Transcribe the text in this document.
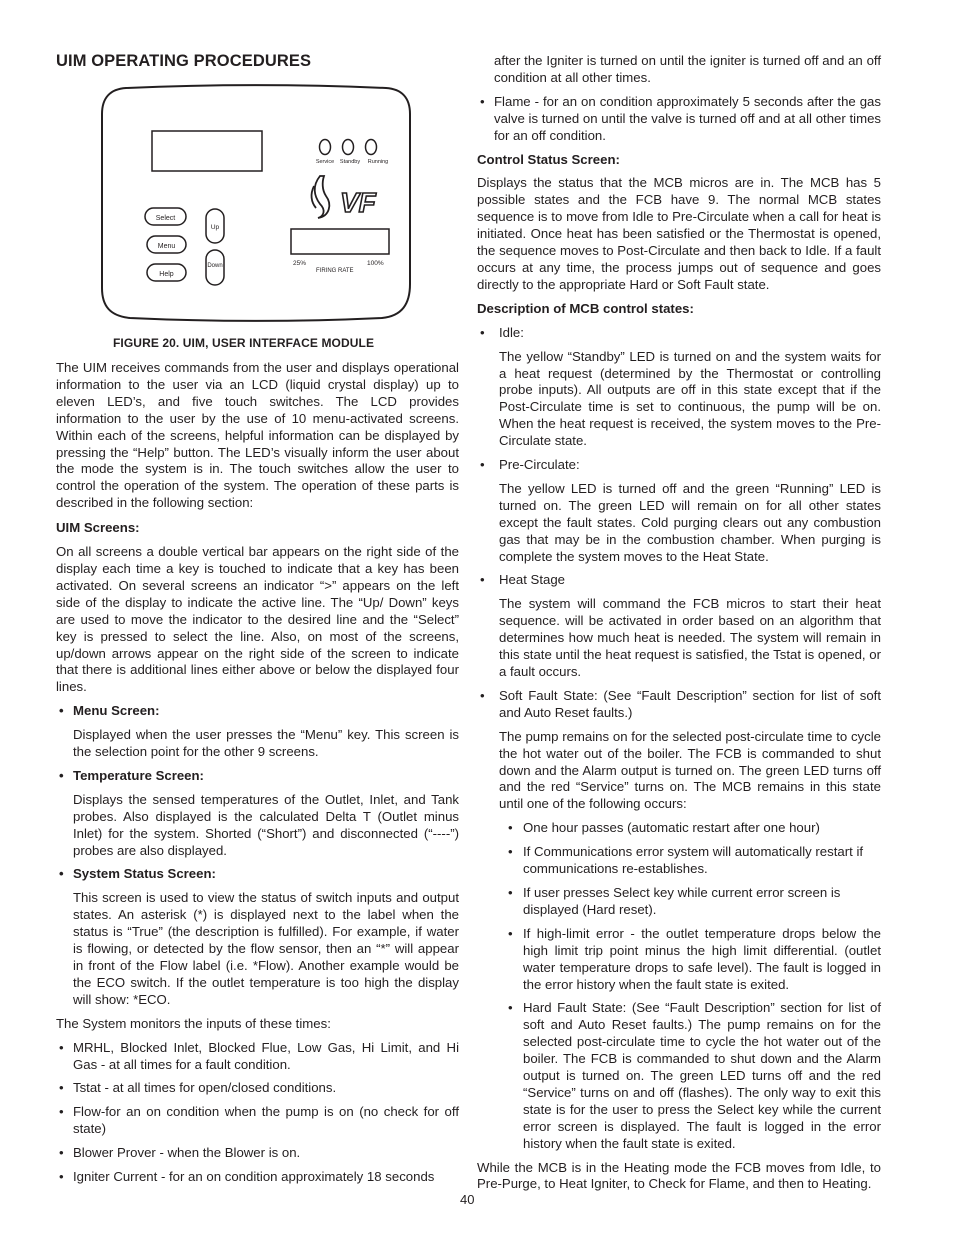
UIM OPERATING PROCEDURES
Service Standby Running
VF
25%	100%
FIRING RATE
Select
Menu
Help
Up
Down
FIGURE 20. UIM, USER INTERFACE MODULE

The UIM receives commands from the user and displays operational information to the user via an LCD (liquid crystal display) up to eleven LED’s, and five touch switches. The LCD provides information to the user by the use of 10 menu-activated screens. Within each of the screens, helpful information can be displayed by pressing the “Help” button. The LED’s visually inform the user about the mode the system is in. The touch switches allow the user to control the operation of the system. The operation of these parts is described in the following section:

UIM Screens:

On all screens a double vertical bar appears on the right side of the display each time a key is touched to indicate that a key has been activated. On several screens an indicator “>” appears on the left side of the display to indicate the active line. The “Up/ Down” keys are used to move the indicator to the desired line and the “Select” key is pressed to select the line. Also, on most of the screens, up/down arrows appear on the right side of the screen to indicate that there is additional lines either above or below the displayed four lines.

• Menu Screen:

Displayed when the user presses the “Menu” key. This screen is the selection point for the other 9 screens.

• Temperature Screen:

Displays the sensed temperatures of the Outlet, Inlet, and Tank probes. Also displayed is the calculated Delta T (Outlet minus Inlet) for the system. Shorted (“Short”) and disconnected (“----”) probes are also displayed.

• System Status Screen:

This screen is used to view the status of switch inputs and output states. An asterisk (*) is displayed next to the label when the status is “True” (the description is fulfilled). For example, if water is flowing, or detected by the flow sensor, then an “*” will appear in front of the Flow label (i.e. *Flow). Another example would be the ECO switch. If the outlet temperature is too high the display will show: *ECO.

The System monitors the inputs of these times:

• MRHL, Blocked Inlet, Blocked Flue, Low Gas, Hi Limit, and Hi Gas - at all times for a fault condition.

• Tstat - at all times for open/closed conditions.

• Flow-for an on condition when the pump is on (no check for off state)

• Blower Prover - when the Blower is on.

• Igniter Current - for an on condition approximately 18 seconds

after the Igniter is turned on until the igniter is turned off and an off condition at all other times.

• Flame - for an on condition approximately 5 seconds after the gas valve is turned on until the valve is turned off and at all other times for an off condition.

Control Status Screen:

Displays the status that the MCB micros are in. The MCB has 5 possible states and the FCB have 9. The normal MCB states sequence is to move from Idle to Pre-Circulate when a call for heat is initiated. Once heat has been satisfied or the Thermostat is opened, the sequence moves to Post-Circulate and then back to Idle. If a fault occurs at any time, the process jumps out of sequence and goes directly to the appropriate Hard or Soft Fault state.

Description of MCB control states:

• Idle:

The yellow “Standby” LED is turned on and the system waits for a heat request (determined by the Thermostat or controlling probe inputs). All outputs are off in this state except that if the Post-Circulate time is set to continuous, the pump will be on. When the heat request is received, the system moves to the Pre-Circulate state.

• Pre-Circulate:

The yellow LED is turned off and the green “Running” LED is turned on. The green LED will remain on for all other states except the fault states. Cold purging clears out any combustion gas that may be in the combustion chamber. When purging is complete the system moves to the Heat State.

• Heat Stage

The system will command the FCB micros to start their heat sequence. will be activated in order based on an algorithm that determines how much heat is needed. The system will remain in this state until the heat request is satisfied, the Tstat is opened, or a fault occurs.

• Soft Fault State: (See “Fault Description” section for list of soft and Auto Reset faults.)

The pump remains on for the selected post-circulate time to cycle the hot water out of the boiler. The FCB is commanded to shut down and the Alarm output is turned on. The green LED turns off and the red “Service” turns on. The MCB remains in this state until one of the following occurs:

• One hour passes (automatic restart after one hour)

• If Communications error system will automatically restart if communications re-establishes.

• If user presses Select key while current error screen is displayed (Hard reset).

• If high-limit error - the outlet temperature drops below the high limit trip point minus the high limit differential. (outlet water temperature drops to safe level). The fault is logged in the error history when the fault state is exited.

• Hard Fault State: (See “Fault Description” section for list of soft and Auto Reset faults.) The pump remains on for the selected post-circulate time to cycle the hot water out of the boiler. The FCB is commanded to shut down and the Alarm output is turned on. The green LED turns off and the red “Service” turns on and off (flashes). The only way to exit this state is for the user to press the Select key while the current error screen is displayed. The fault is logged in the error history when the fault state is exited.

While the MCB is in the Heating mode the FCB moves from Idle, to Pre-Purge, to Heat Igniter, to Check for Flame, and then to Heating.

40
